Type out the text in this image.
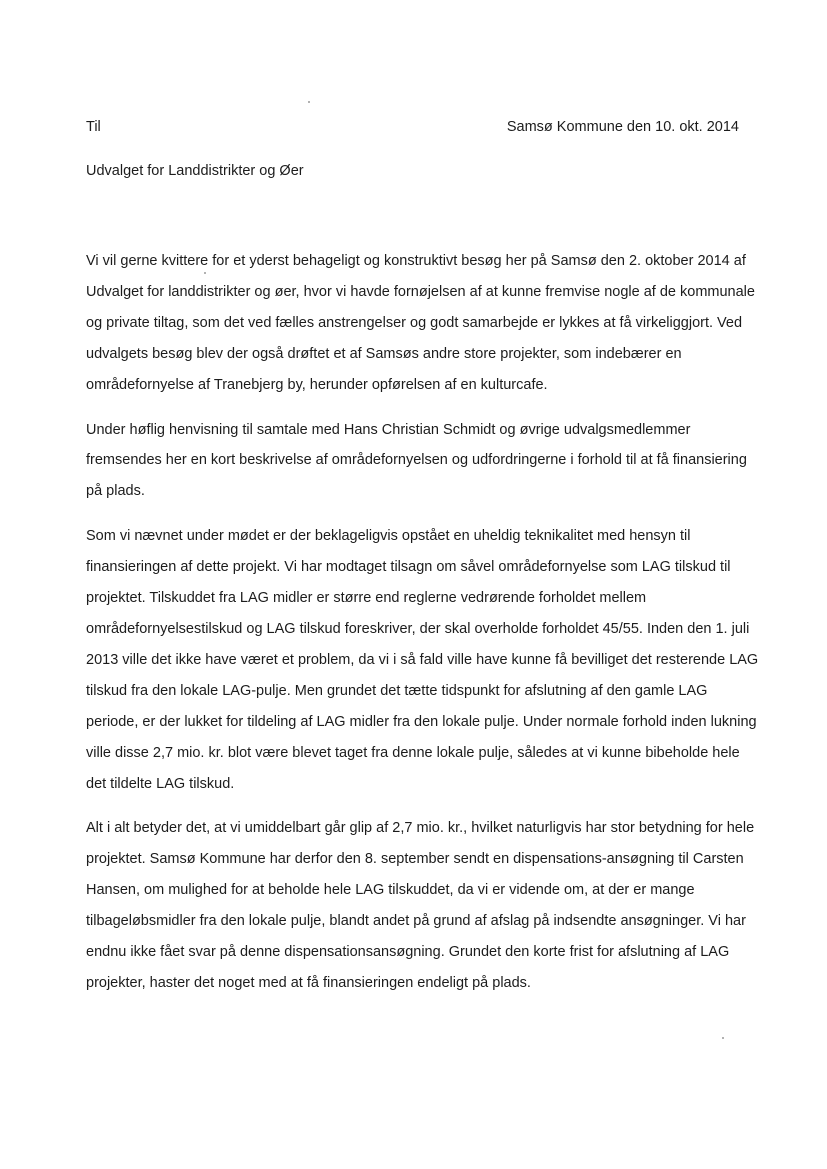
Til	Samsø Kommune den 10. okt. 2014
Udvalget for Landdistrikter og Øer

Vi vil gerne kvittere for et yderst behageligt og konstruktivt besøg her på Samsø den 2. oktober 2014 af Udvalget for landdistrikter og øer, hvor vi havde fornøjelsen af at kunne fremvise nogle af de kommunale og private tiltag, som det ved fælles anstrengelser og godt samarbejde er lykkes at få virkeliggjort. Ved udvalgets besøg blev der også drøftet et af Samsøs andre store projekter, som indebærer en områdefornyelse af Tranebjerg by, herunder opførelsen af en kulturcafe.

Under høflig henvisning til samtale med Hans Christian Schmidt og øvrige udvalgsmedlemmer fremsendes her en kort beskrivelse af områdefornyelsen og udfordringerne i forhold til at få finansiering på plads.

Som vi nævnet under mødet er der beklageligvis opstået en uheldig teknikalitet med hensyn til finansieringen af dette projekt. Vi har modtaget tilsagn om såvel områdefornyelse som LAG tilskud til projektet. Tilskuddet fra LAG midler er større end reglerne vedrørende forholdet mellem områdefornyelsestilskud og LAG tilskud foreskriver, der skal overholde forholdet 45/55. Inden den 1. juli 2013 ville det ikke have været et problem, da vi i så fald ville have kunne få bevilliget det resterende LAG tilskud fra den lokale LAG-pulje. Men grundet det tætte tidspunkt for afslutning af den gamle LAG periode, er der lukket for tildeling af LAG midler fra den lokale pulje. Under normale forhold inden lukning ville disse 2,7 mio. kr. blot være blevet taget fra denne lokale pulje, således at vi kunne bibeholde hele det tildelte LAG tilskud.

Alt i alt betyder det, at vi umiddelbart går glip af 2,7 mio. kr., hvilket naturligvis har stor betydning for hele projektet. Samsø Kommune har derfor den 8. september sendt en dispensations-ansøgning til Carsten Hansen, om mulighed for at beholde hele LAG tilskuddet, da vi er vidende om, at der er mange tilbageløbsmidler fra den lokale pulje, blandt andet på grund af afslag på indsendte ansøgninger. Vi har endnu ikke fået svar på denne dispensationsansøgning. Grundet den korte frist for afslutning af LAG projekter, haster det noget med at få finansieringen endeligt på plads.
